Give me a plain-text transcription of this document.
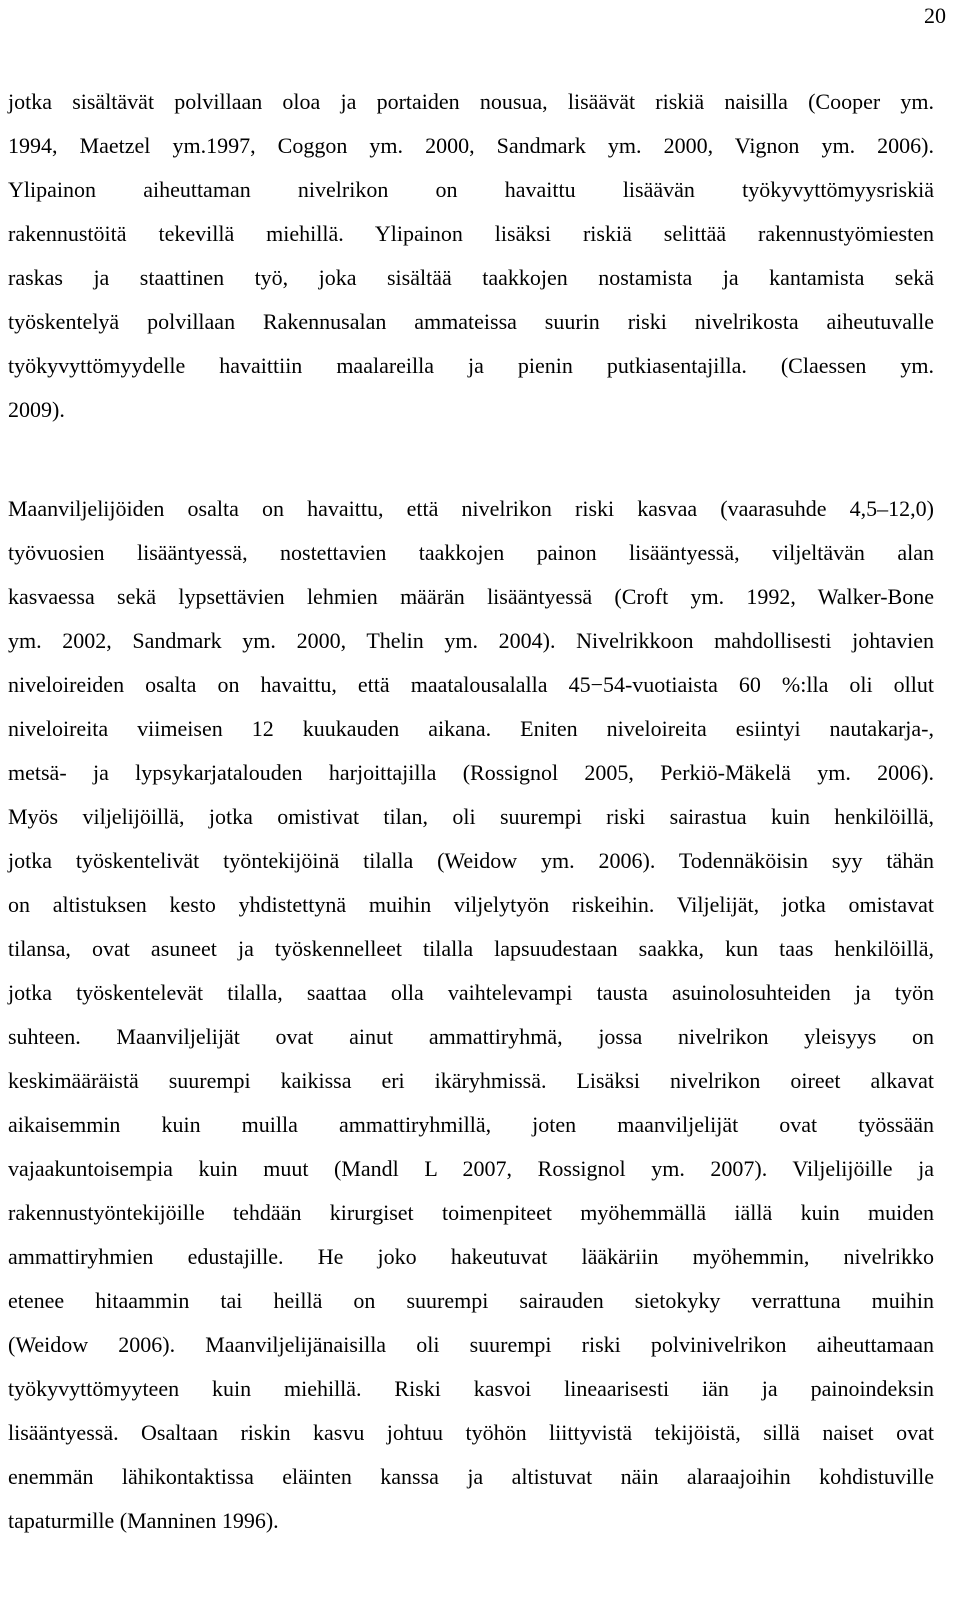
20
jotka sisältävät polvillaan oloa ja portaiden nousua, lisäävät riskiä naisilla (Cooper ym.
1994, Maetzel ym.1997, Coggon ym. 2000, Sandmark ym. 2000, Vignon ym. 2006).
Ylipainon aiheuttaman nivelrikon on havaittu lisäävän työkyvyttömyysriskiä
rakennustöitä tekevillä miehillä. Ylipainon lisäksi riskiä selittää rakennustyömiesten
raskas ja staattinen työ, joka sisältää taakkojen nostamista ja kantamista sekä
työskentelyä polvillaan Rakennusalan ammateissa suurin riski nivelrikosta aiheutuvalle
työkyvyttömyydelle havaittiin maalareilla ja pienin putkiasentajilla. (Claessen ym.
2009).
Maanviljelijöiden osalta on havaittu, että nivelrikon riski kasvaa (vaarasuhde 4,5–12,0)
työvuosien lisääntyessä, nostettavien taakkojen painon lisääntyessä, viljeltävän alan
kasvaessa sekä lypsettävien lehmien määrän lisääntyessä (Croft ym. 1992, Walker-Bone
ym. 2002, Sandmark ym. 2000, Thelin ym. 2004). Nivelrikkoon mahdollisesti johtavien
niveloireiden osalta on havaittu, että maatalousalalla 45−54-vuotiaista 60 %:lla oli ollut
niveloireita viimeisen 12 kuukauden aikana. Eniten niveloireita esiintyi nautakarja-,
metsä- ja lypsykarjatalouden harjoittajilla (Rossignol 2005, Perkiö-Mäkelä ym. 2006).
Myös viljelijöillä, jotka omistivat tilan, oli suurempi riski sairastua kuin henkilöillä,
jotka työskentelivät työntekijöinä tilalla (Weidow ym. 2006). Todennäköisin syy tähän
on altistuksen kesto yhdistettynä muihin viljelytyön riskeihin. Viljelijät, jotka omistavat
tilansa, ovat asuneet ja työskennelleet tilalla lapsuudestaan saakka, kun taas henkilöillä,
jotka työskentelevät tilalla, saattaa olla vaihtelevampi tausta asuinolosuhteiden ja työn
suhteen. Maanviljelijät ovat ainut ammattiryhmä, jossa nivelrikon yleisyys on
keskimääräistä suurempi kaikissa eri ikäryhmissä. Lisäksi nivelrikon oireet alkavat
aikaisemmin kuin muilla ammattiryhmillä, joten maanviljelijät ovat työssään
vajaakuntoisempia kuin muut (Mandl L 2007, Rossignol ym. 2007). Viljelijöille ja
rakennustyöntekijöille tehdään kirurgiset toimenpiteet myöhemmällä iällä kuin muiden
ammattiryhmien edustajille. He joko hakeutuvat lääkäriin myöhemmin, nivelrikko
etenee hitaammin tai heillä on suurempi sairauden sietokyky verrattuna muihin
(Weidow 2006). Maanviljelijänaisilla oli suurempi riski polvinivelrikon aiheuttamaan
työkyvyttömyyteen kuin miehillä. Riski kasvoi lineaarisesti iän ja painoindeksin
lisääntyessä. Osaltaan riskin kasvu johtuu työhön liittyvistä tekijöistä, sillä naiset ovat
enemmän lähikontaktissa eläinten kanssa ja altistuvat näin alaraajoihin kohdistuville
tapaturmille (Manninen 1996).
